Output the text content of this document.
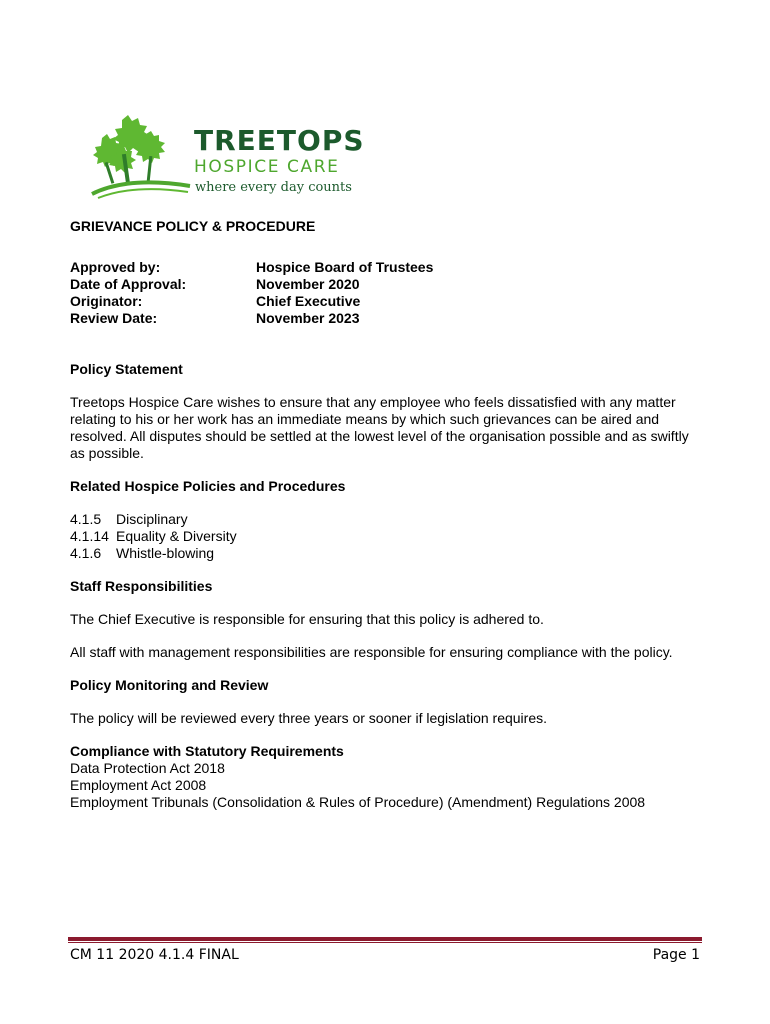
TREETOPS
HOSPICE CARE
where every day counts
GRIEVANCE POLICY & PROCEDURE
Approved by:	Hospice Board of Trustees
Date of Approval:	November 2020
Originator:	Chief Executive
Review Date:	November 2023
Policy Statement

Treetops Hospice Care wishes to ensure that any employee who feels dissatisfied with any matter relating to his or her work has an immediate means by which such grievances can be aired and resolved. All disputes should be settled at the lowest level of the organisation possible and as swiftly as possible.

Related Hospice Policies and Procedures
4.1.5	Disciplinary
4.1.14 Equality & Diversity
4.1.6	Whistle-blowing
Staff Responsibilities

The Chief Executive is responsible for ensuring that this policy is adhered to.

All staff with management responsibilities are responsible for ensuring compliance with the policy.

Policy Monitoring and Review

The policy will be reviewed every three years or sooner if legislation requires.

Compliance with Statutory Requirements

Data Protection Act 2018

Employment Act 2008

Employment Tribunals (Consolidation & Rules of Procedure) (Amendment) Regulations 2008

CM 11 2020 4.1.4 FINAL	Page 1
